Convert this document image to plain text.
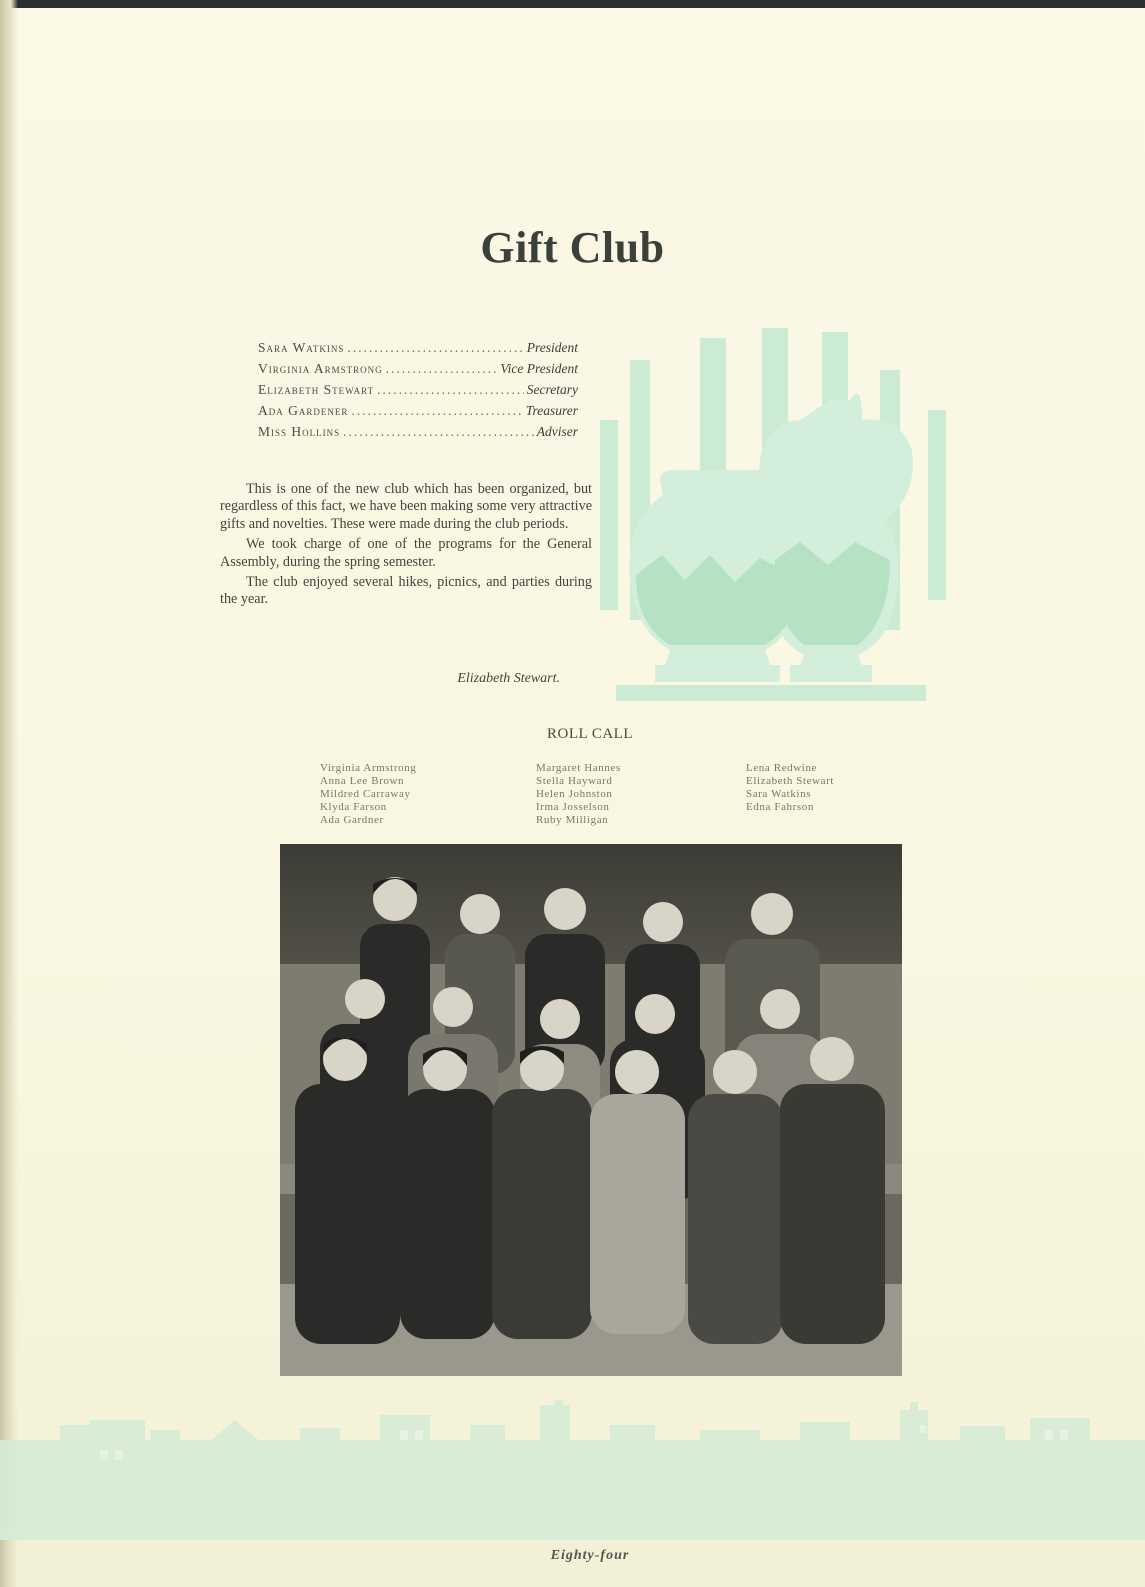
Gift Club
Sara Watkins .....	President
Virginia Armstrong .....	Vice President
Elizabeth Stewart .....	Secretary
Ada Gardener .....	Treasurer
Miss Hollins .....	Adviser

This is one of the new club which has been organized, but regardless of this fact, we have been making some very attractive gifts and novelties. These were made during the club periods.

We took charge of one of the programs for the General Assembly, during the spring semester.

The club enjoyed several hikes, picnics, and parties during the year.

Elizabeth Stewart.
ROLL CALL
Virginia Armstrong
Anna Lee Brown
Mildred Carraway
Klyda Farson
Ada Gardner
Margaret Hannes
Stella Hayward
Helen Johnston
Irma Josselson
Ruby Milligan
Lena Redwine
Elizabeth Stewart
Sara Watkins
Edna Fahrson
Eighty-four
